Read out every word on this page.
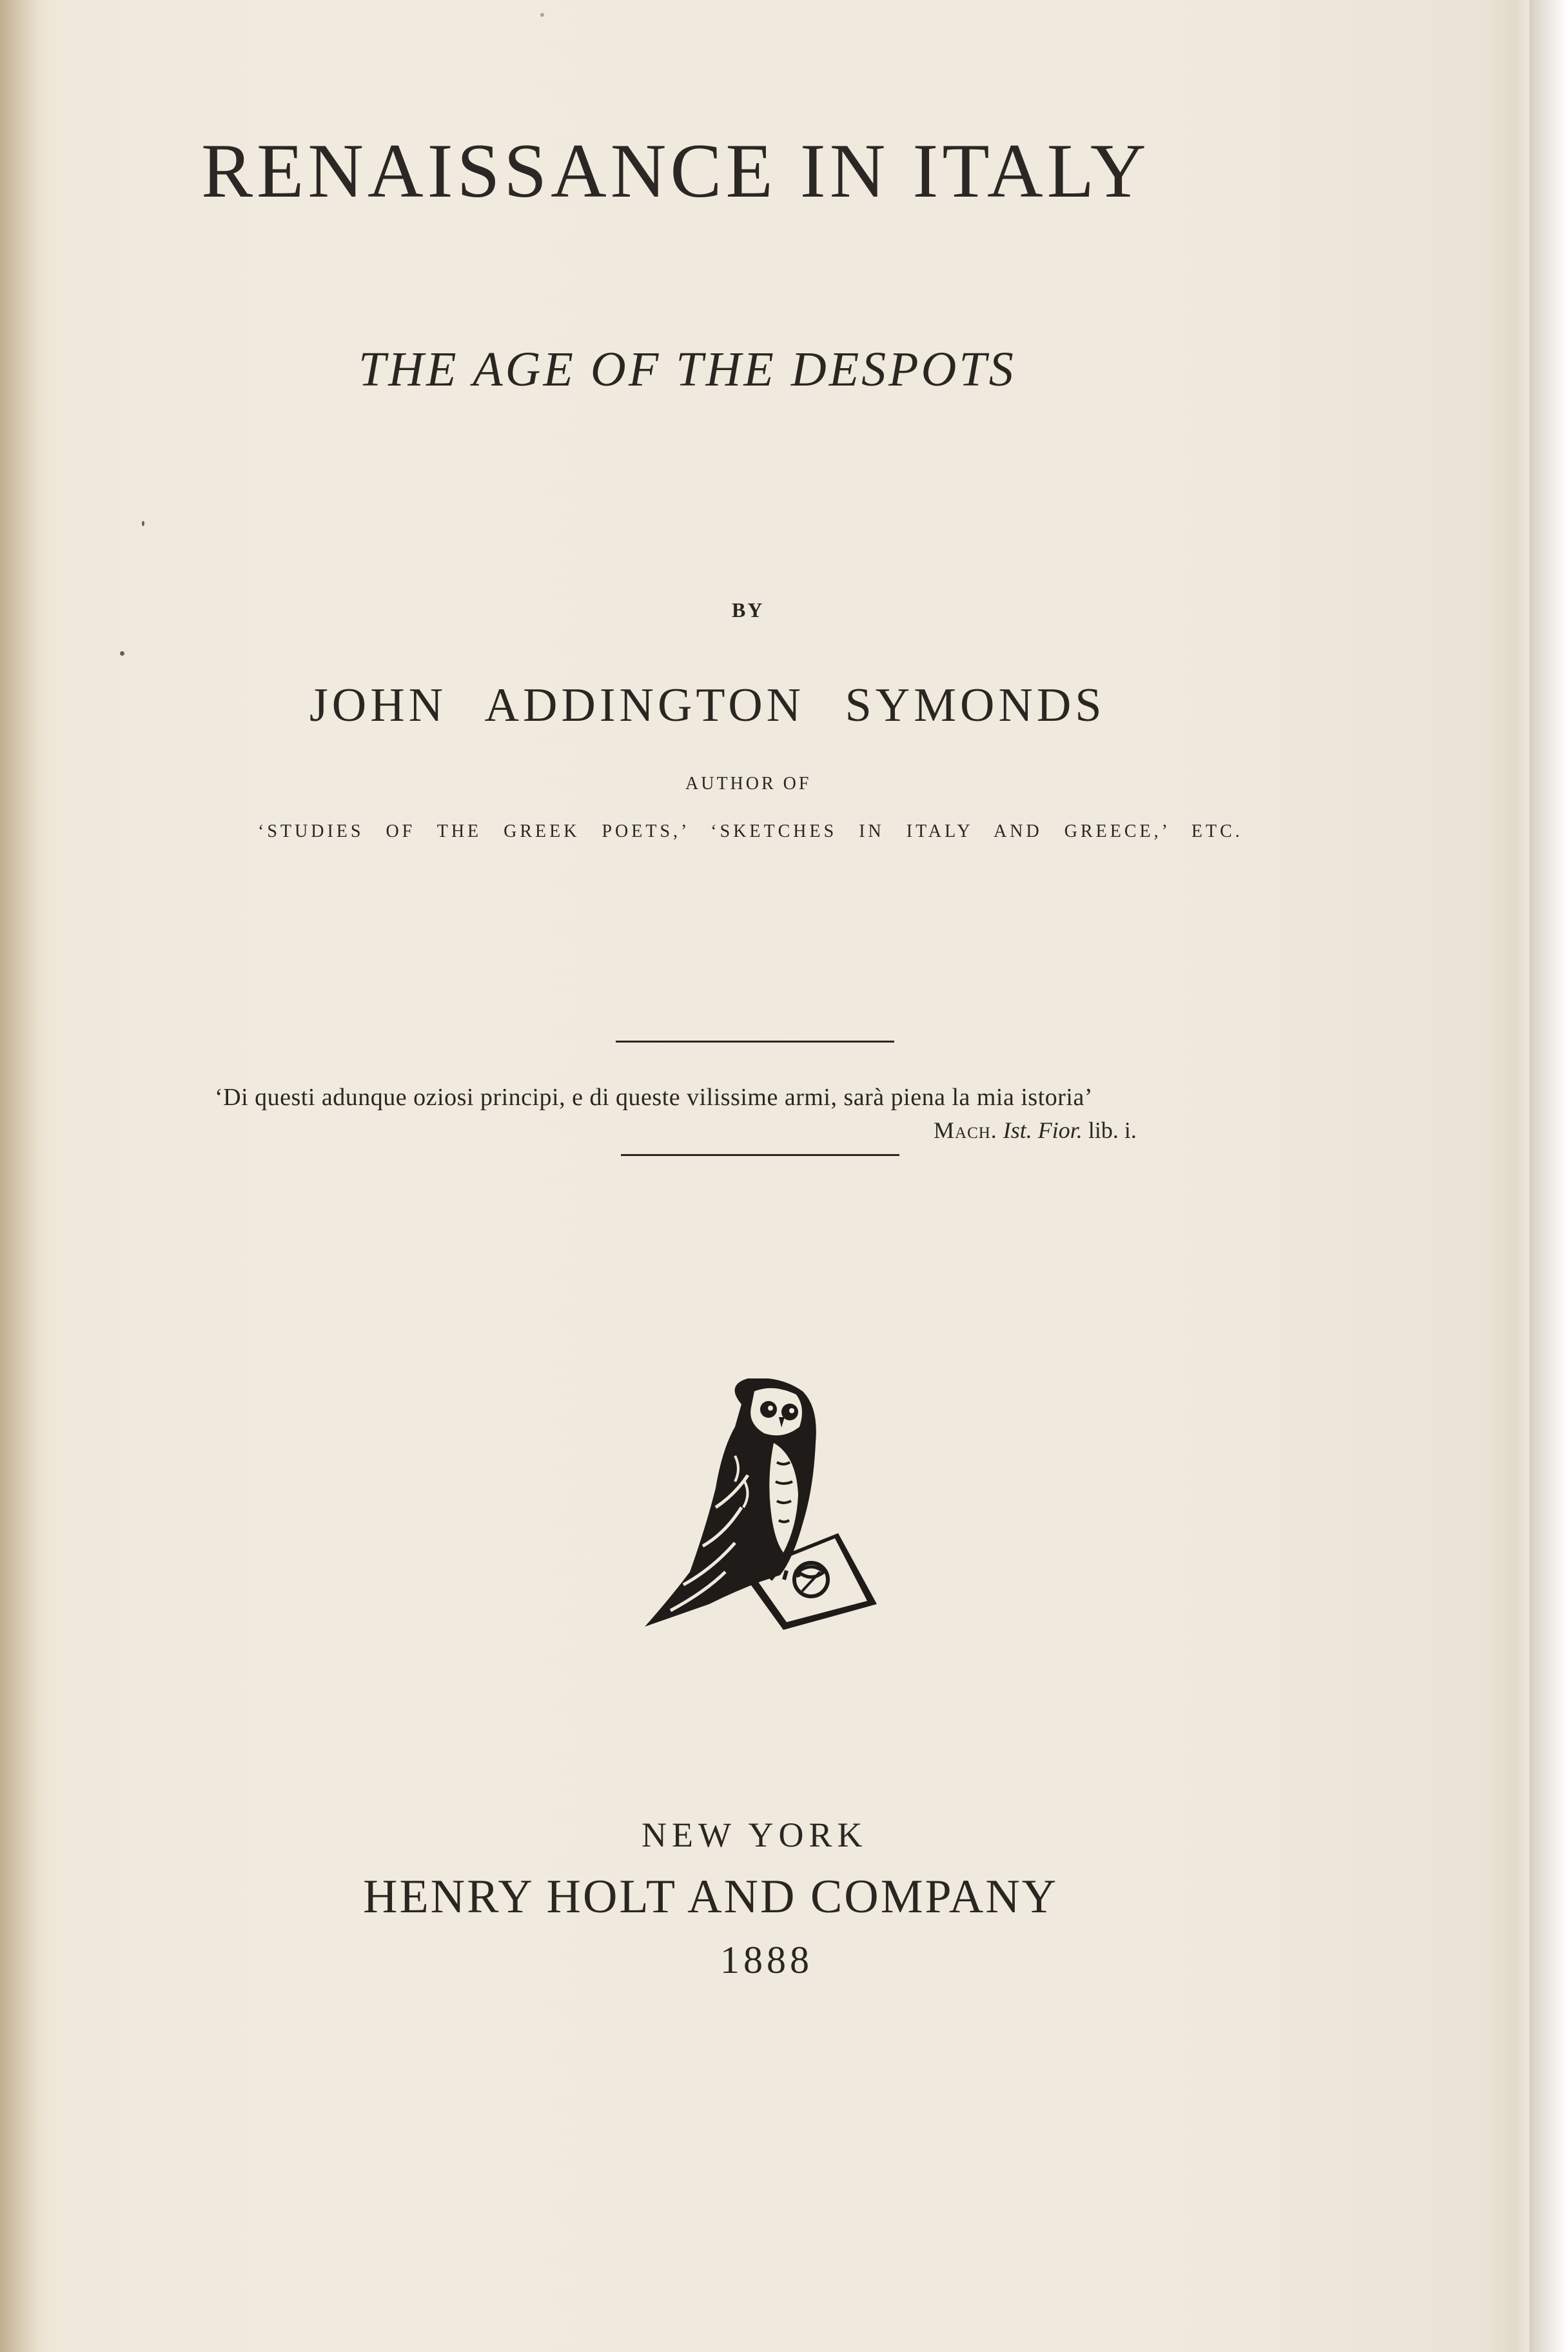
RENAISSANCE IN ITALY
THE AGE OF THE DESPOTS
BY
JOHN ADDINGTON SYMONDS
AUTHOR OF
‘STUDIES OF THE GREEK POETS,’ ‘SKETCHES IN ITALY AND GREECE,’ ETC.
‘Di questi adunque oziosi principi, e di queste vilissime armi, sarà piena la mia istoria’
Mach. Ist. Fior. lib. i.
NEW YORK
HENRY HOLT AND COMPANY
1888
